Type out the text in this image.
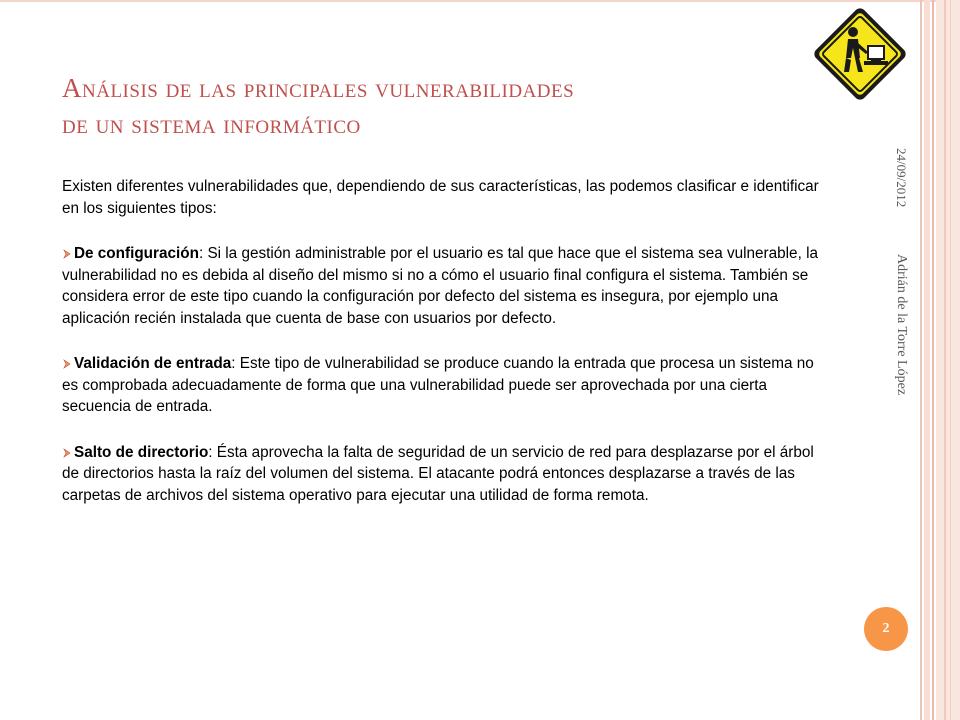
Análisis de las principales vulnerabilidades
de un sistema informático
24/09/2012
Adrián de la Torre López

Existen diferentes vulnerabilidades que, dependiendo de sus características, las podemos clasificar e identificar en los siguientes tipos:

De configuración: Si la gestión administrable por el usuario es tal que hace que el sistema sea vulnerable, la vulnerabilidad no es debida al diseño del mismo si no a cómo el usuario final configura el sistema. También se considera error de este tipo cuando la configuración por defecto del sistema es insegura, por ejemplo una aplicación recién instalada que cuenta de base con usuarios por defecto.

Validación de entrada: Este tipo de vulnerabilidad se produce cuando la entrada que procesa un sistema no es comprobada adecuadamente de forma que una vulnerabilidad puede ser aprovechada por una cierta secuencia de entrada.

Salto de directorio: Ésta aprovecha la falta de seguridad de un servicio de red para desplazarse por el árbol de directorios hasta la raíz del volumen del sistema. El atacante podrá entonces desplazarse a través de las carpetas de archivos del sistema operativo para ejecutar una utilidad de forma remota.

2
